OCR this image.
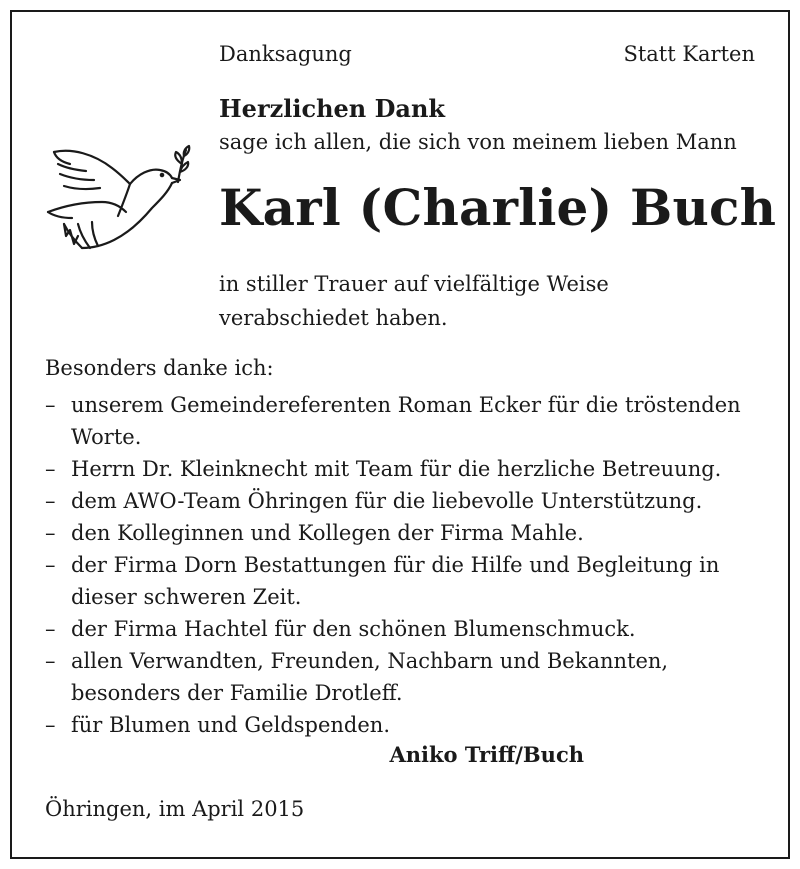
Danksagung	Statt Karten
Herzlichen Dank
sage ich allen, die sich von meinem lieben Mann
Karl (Charlie) Buch
in stiller Trauer auf vielfältige Weise
verabschiedet haben.
Besonders danke ich:
– unserem Gemeindereferenten Roman Ecker für die tröstenden Worte.
– Herrn Dr. Kleinknecht mit Team für die herzliche Betreuung.
– dem AWO-Team Öhringen für die liebevolle Unterstützung.
– den Kolleginnen und Kollegen der Firma Mahle.
– der Firma Dorn Bestattungen für die Hilfe und Begleitung in dieser schweren Zeit.
– der Firma Hachtel für den schönen Blumenschmuck.
– allen Verwandten, Freunden, Nachbarn und Bekannten, besonders der Familie Drotleff.
– für Blumen und Geldspenden.
Aniko Triff/Buch
Öhringen, im April 2015
